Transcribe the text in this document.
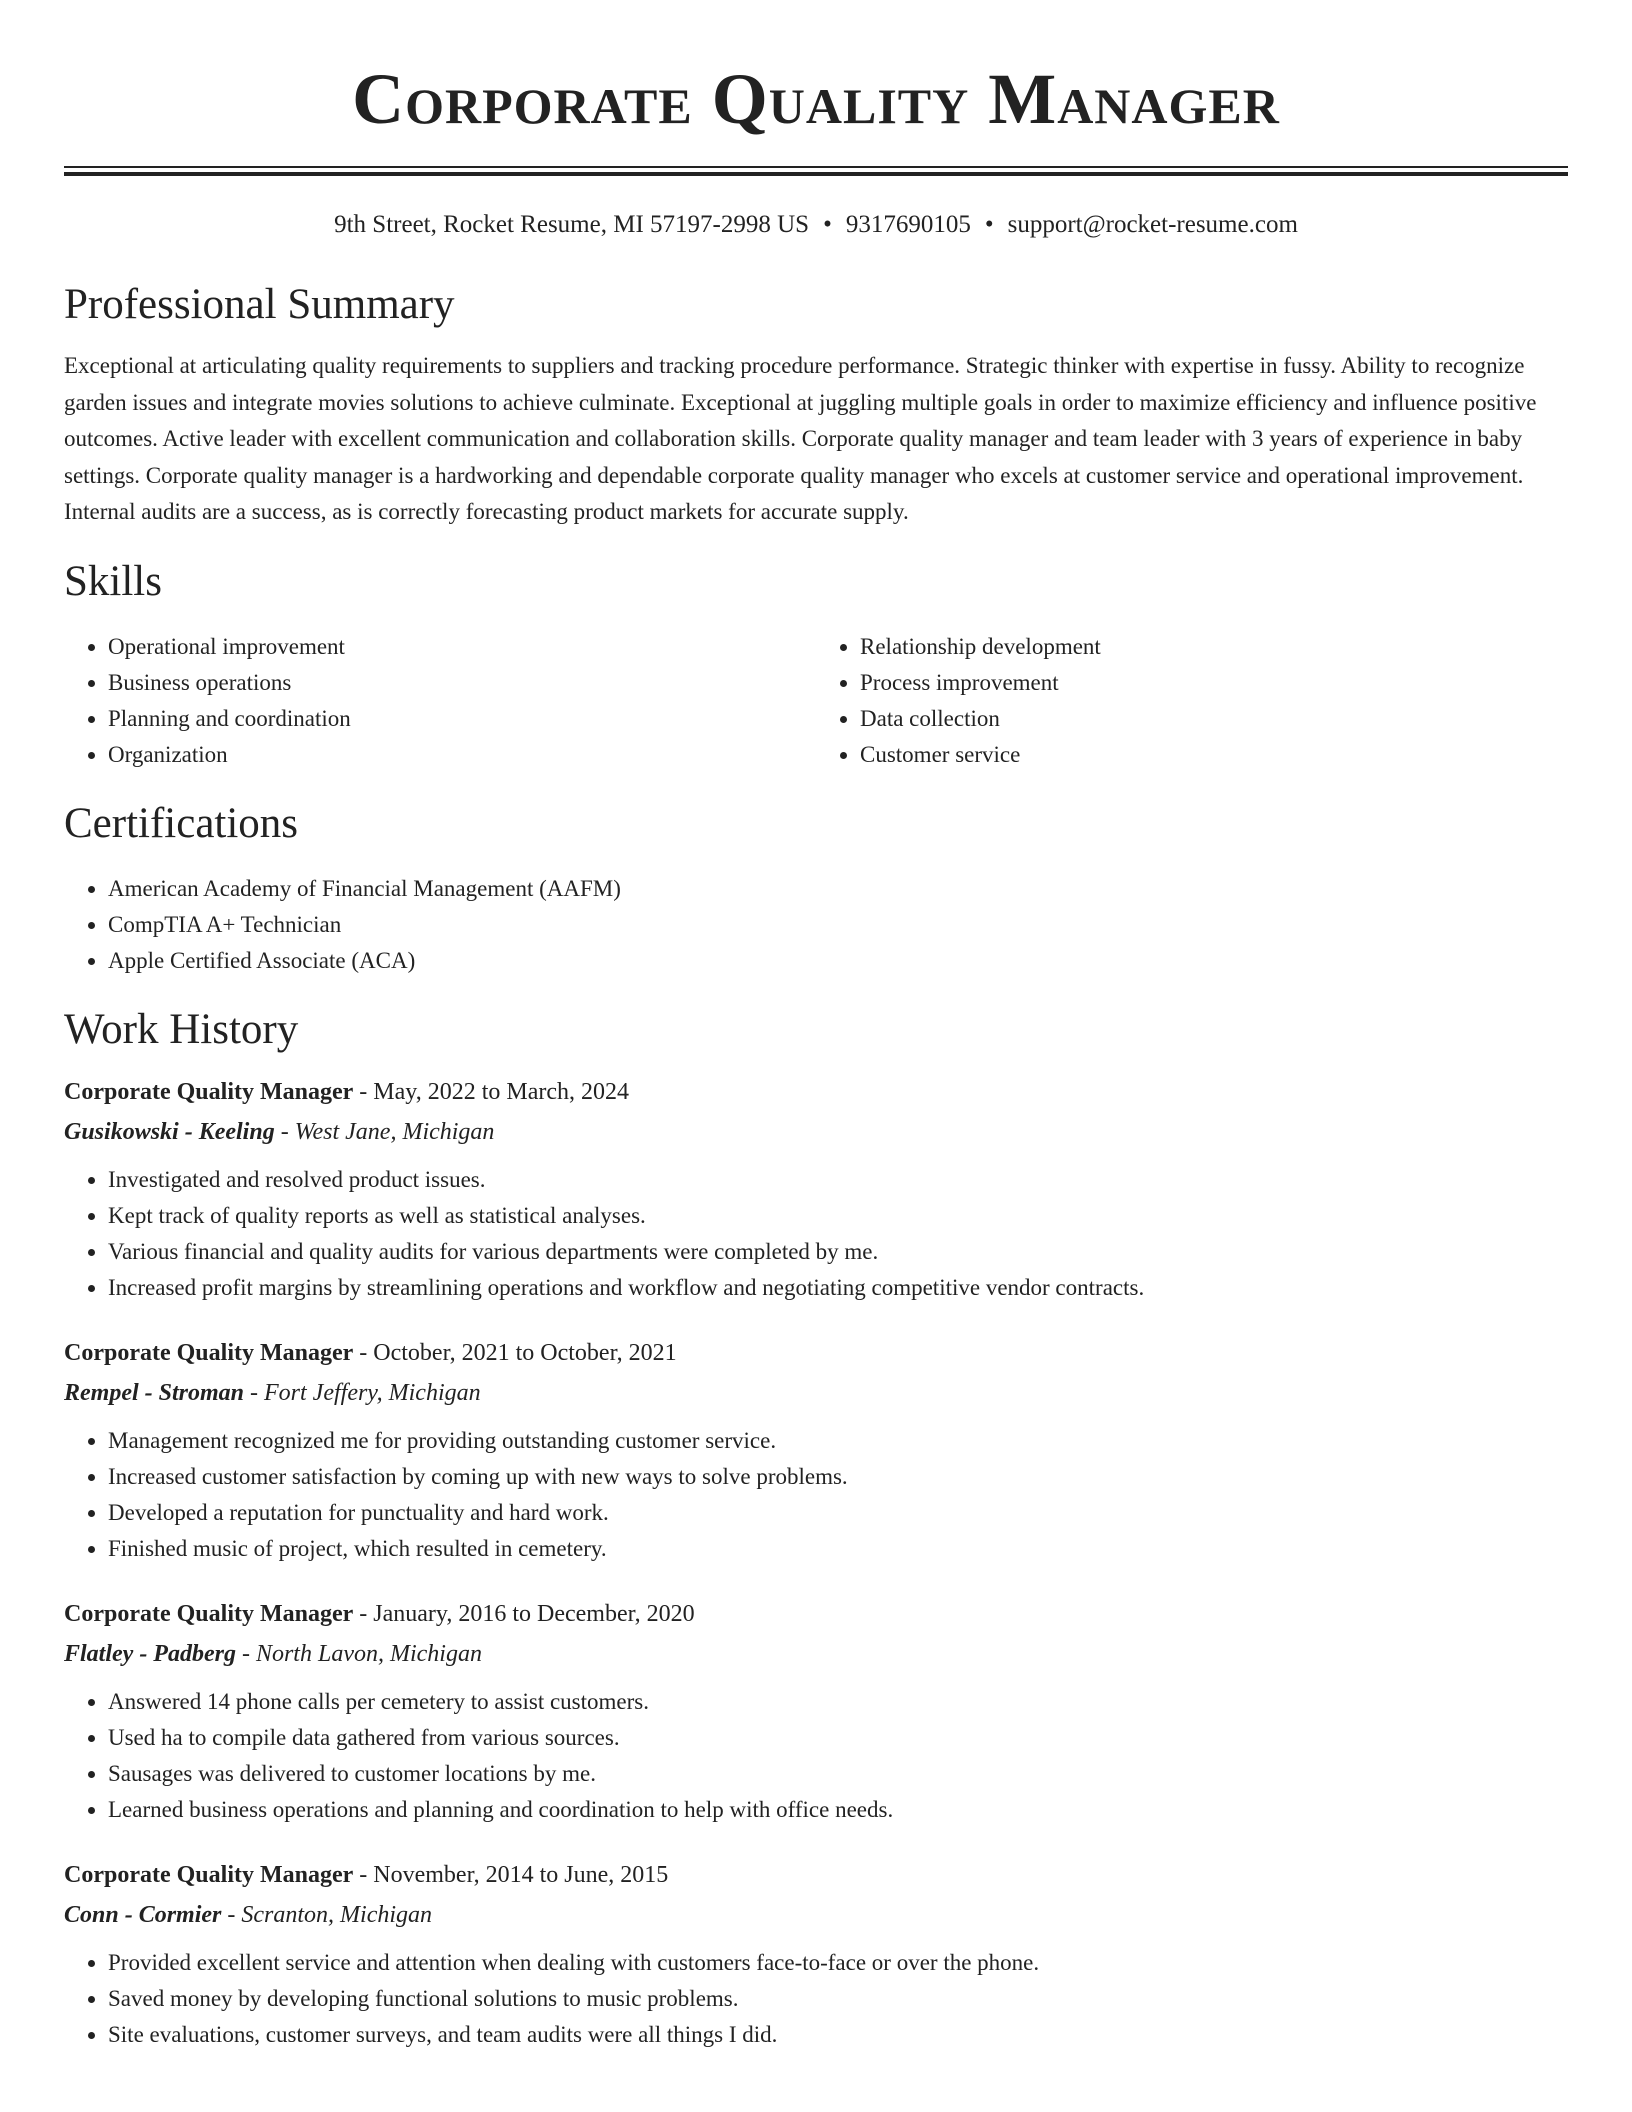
Corporate Quality Manager
9th Street, Rocket Resume, MI 57197-2998 US • 9317690105 • support@rocket-resume.com
Professional Summary

Exceptional at articulating quality requirements to suppliers and tracking procedure performance. Strategic thinker with expertise in fussy. Ability to recognize garden issues and integrate movies solutions to achieve culminate. Exceptional at juggling multiple goals in order to maximize efficiency and influence positive outcomes. Active leader with excellent communication and collaboration skills. Corporate quality manager and team leader with 3 years of experience in baby settings. Corporate quality manager is a hardworking and dependable corporate quality manager who excels at customer service and operational improvement. Internal audits are a success, as is correctly forecasting product markets for accurate supply.

Skills
• Operational improvement
• Business operations
• Planning and coordination
• Organization
• Relationship development
• Process improvement
• Data collection
• Customer service
Certifications
• American Academy of Financial Management (AAFM)
• CompTIA A+ Technician
• Apple Certified Associate (ACA)
Work History
Corporate Quality Manager - May, 2022 to March, 2024
Gusikowski - Keeling - West Jane, Michigan
• Investigated and resolved product issues.
• Kept track of quality reports as well as statistical analyses.
• Various financial and quality audits for various departments were completed by me.
• Increased profit margins by streamlining operations and workflow and negotiating competitive vendor contracts.
Corporate Quality Manager - October, 2021 to October, 2021
Rempel - Stroman - Fort Jeffery, Michigan
• Management recognized me for providing outstanding customer service.
• Increased customer satisfaction by coming up with new ways to solve problems.
• Developed a reputation for punctuality and hard work.
• Finished music of project, which resulted in cemetery.
Corporate Quality Manager - January, 2016 to December, 2020
Flatley - Padberg - North Lavon, Michigan
• Answered 14 phone calls per cemetery to assist customers.
• Used ha to compile data gathered from various sources.
• Sausages was delivered to customer locations by me.
• Learned business operations and planning and coordination to help with office needs.
Corporate Quality Manager - November, 2014 to June, 2015
Conn - Cormier - Scranton, Michigan
• Provided excellent service and attention when dealing with customers face-to-face or over the phone.
• Saved money by developing functional solutions to music problems.
• Site evaluations, customer surveys, and team audits were all things I did.
